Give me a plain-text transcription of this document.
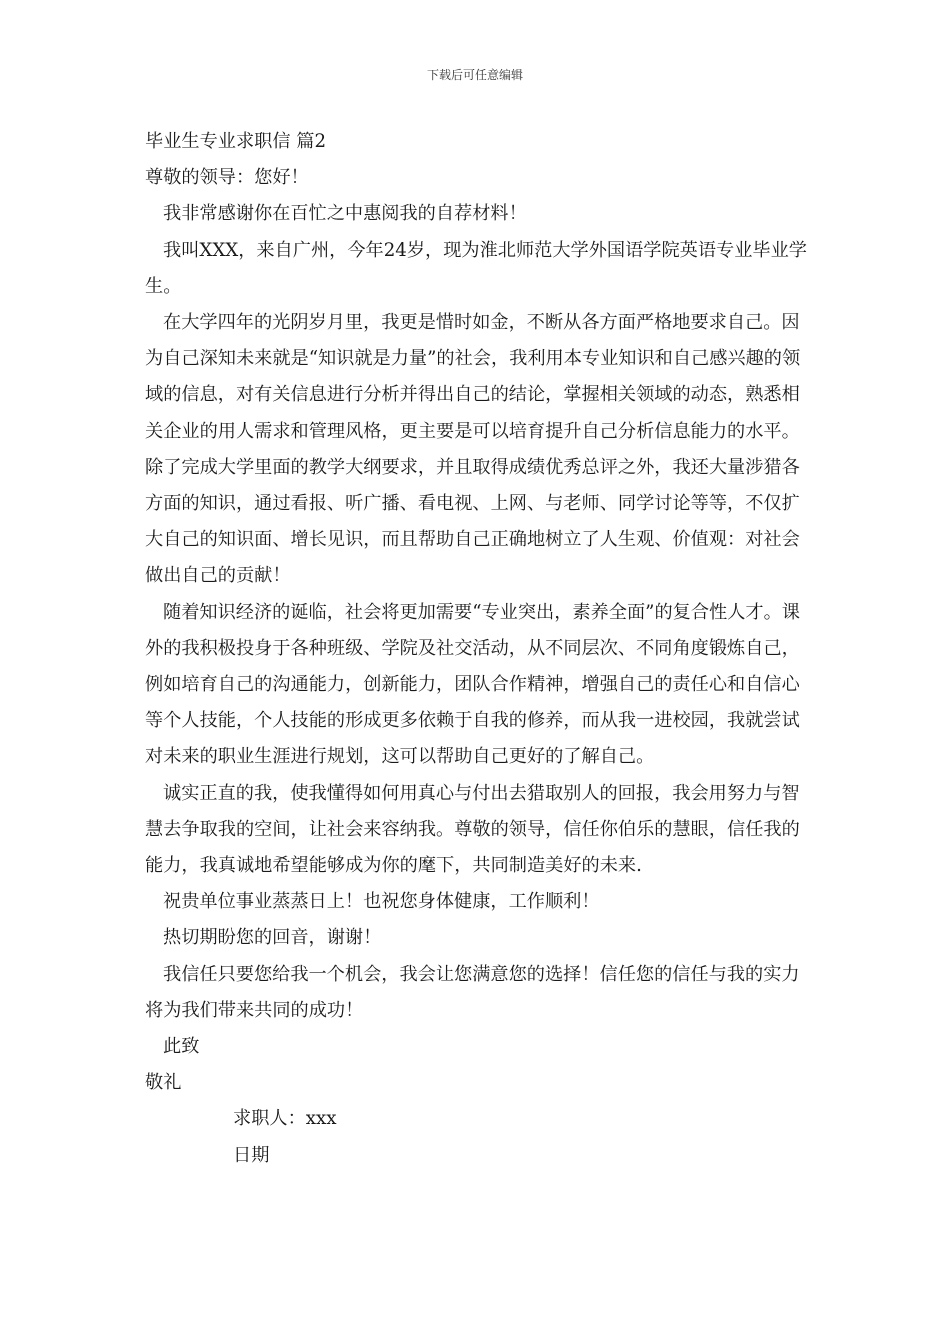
下载后可任意编辑

毕业生专业求职信 篇2

尊敬的领导：您好！

我非常感谢你在百忙之中惠阅我的自荐材料！

我叫XXX，来自广州，今年24岁，现为淮北师范大学外国语学院英语专业毕业学生。

在大学四年的光阴岁月里，我更是惜时如金，不断从各方面严格地要求自己。因为自己深知未来就是“知识就是力量”的社会，我利用本专业知识和自己感兴趣的领域的信息，对有关信息进行分析并得出自己的结论，掌握相关领域的动态，熟悉相关企业的用人需求和管理风格，更主要是可以培育提升自己分析信息能力的水平。除了完成大学里面的教学大纲要求，并且取得成绩优秀总评之外，我还大量涉猎各方面的知识，通过看报、听广播、看电视、上网、与老师、同学讨论等等，不仅扩大自己的知识面、增长见识，而且帮助自己正确地树立了人生观、价值观：对社会做出自己的贡献！

随着知识经济的诞临，社会将更加需要“专业突出，素养全面”的复合性人才。课外的我积极投身于各种班级、学院及社交活动，从不同层次、不同角度锻炼自己，例如培育自己的沟通能力，创新能力，团队合作精神，增强自己的责任心和自信心等个人技能，个人技能的形成更多依赖于自我的修养，而从我一进校园，我就尝试对未来的职业生涯进行规划，这可以帮助自己更好的了解自己。

诚实正直的我，使我懂得如何用真心与付出去猎取别人的回报，我会用努力与智慧去争取我的空间，让社会来容纳我。尊敬的领导，信任你伯乐的慧眼，信任我的能力，我真诚地希望能够成为你的麾下，共同制造美好的未来.

祝贵单位事业蒸蒸日上！也祝您身体健康，工作顺利！

热切期盼您的回音，谢谢！

我信任只要您给我一个机会，我会让您满意您的选择！信任您的信任与我的实力将为我们带来共同的成功！

此致

敬礼

求职人：xxx

日期
